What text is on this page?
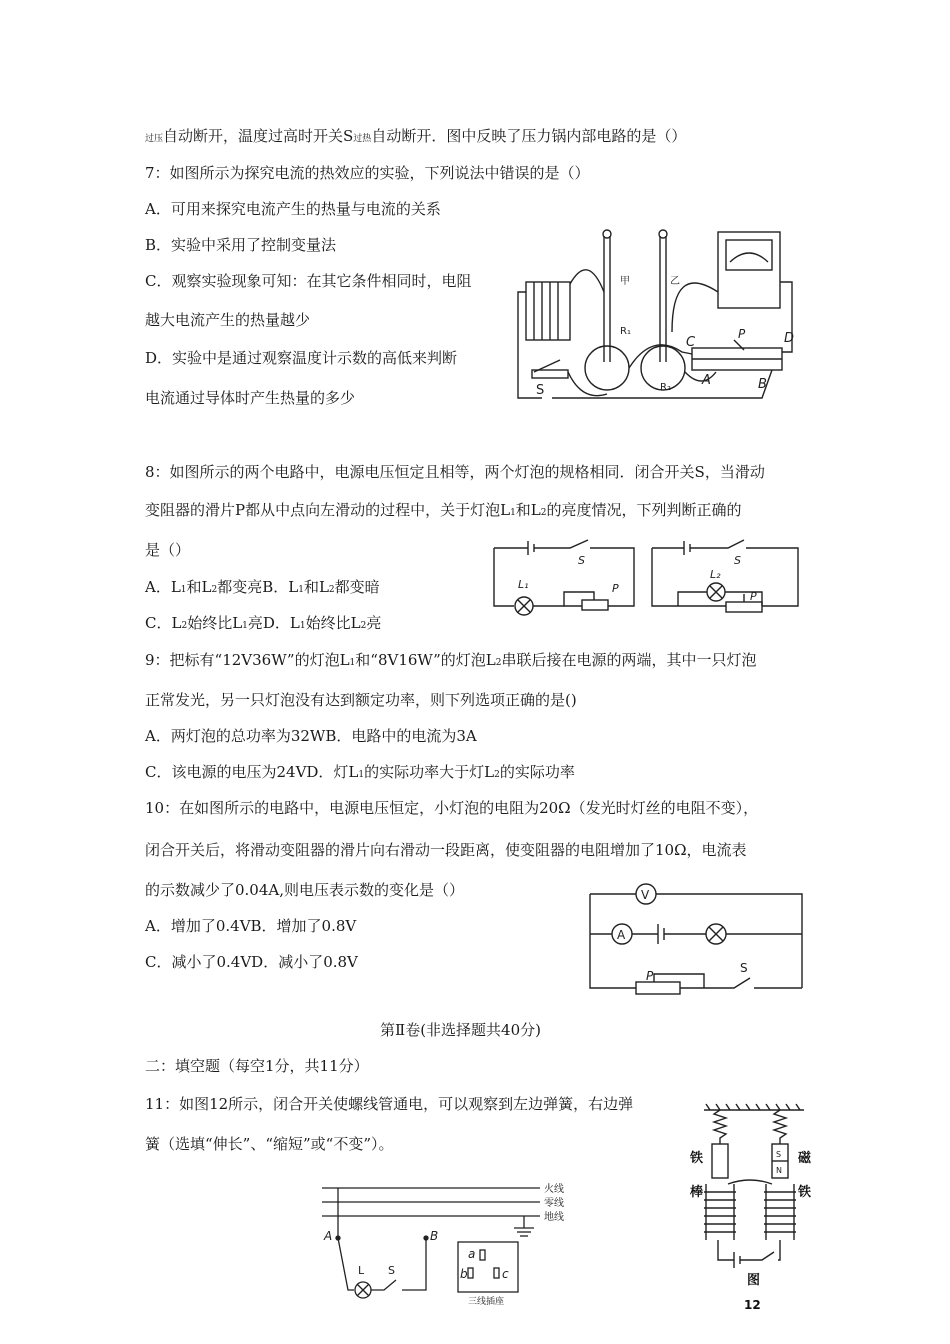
过压自动断开，温度过高时开关S过热自动断开．图中反映了压力锅内部电路的是（）
7：如图所示为探究电流的热效应的实验，下列说法中错误的是（）
A．可用来探究电流产生的热量与电流的关系
B．实验中采用了控制变量法
C．观察实验现象可知：在其它条件相同时，电阻
越大电流产生的热量越少
D．实验中是通过观察温度计示数的高低来判断
电流通过导体时产生热量的多少
甲	乙
R₁
R₂
S
P
A	B
C	D
8：如图所示的两个电路中，电源电压恒定且相等，两个灯泡的规格相同．闭合开关S，当滑动
变阻器的滑片P都从中点向左滑动的过程中，关于灯泡L1和L2的亮度情况，下列判断正确的
是（）
A．L1和L2都变亮B．L1和L2都变暗
C．L2始终比L1亮D．L1始终比L2亮
S
L₁	P
S
L₂
P
9：把标有“12V36W”的灯泡L1和“8V16W”的灯泡L2串联后接在电源的两端，其中一只灯泡
正常发光，另一只灯泡没有达到额定功率，则下列选项正确的是()
A．两灯泡的总功率为32WB．电路中的电流为3A
C．该电源的电压为24VD．灯L1的实际功率大于灯L2的实际功率
10：在如图所示的电路中，电源电压恒定，小灯泡的电阻为20Ω（发光时灯丝的电阻不变），
闭合开关后，将滑动变阻器的滑片向右滑动一段距离，使变阻器的电阻增加了10Ω，电流表
的示数减少了0.04A,则电压表示数的变化是（）
A．增加了0.4VB．增加了0.8V
C．减小了0.4VD．减小了0.8V
V
A
P
S
第Ⅱ卷(非选择题共40分)
二：填空题（每空1分，共11分）
11：如图12所示，闭合开关使螺线管通电，可以观察到左边弹簧，右边弹
簧（选填“伸长”、“缩短”或“不变”）。
铁
棒
磁
铁
图
12
S
N
火线
零线
地线
A	B
L S
a
b	c
三线插座
